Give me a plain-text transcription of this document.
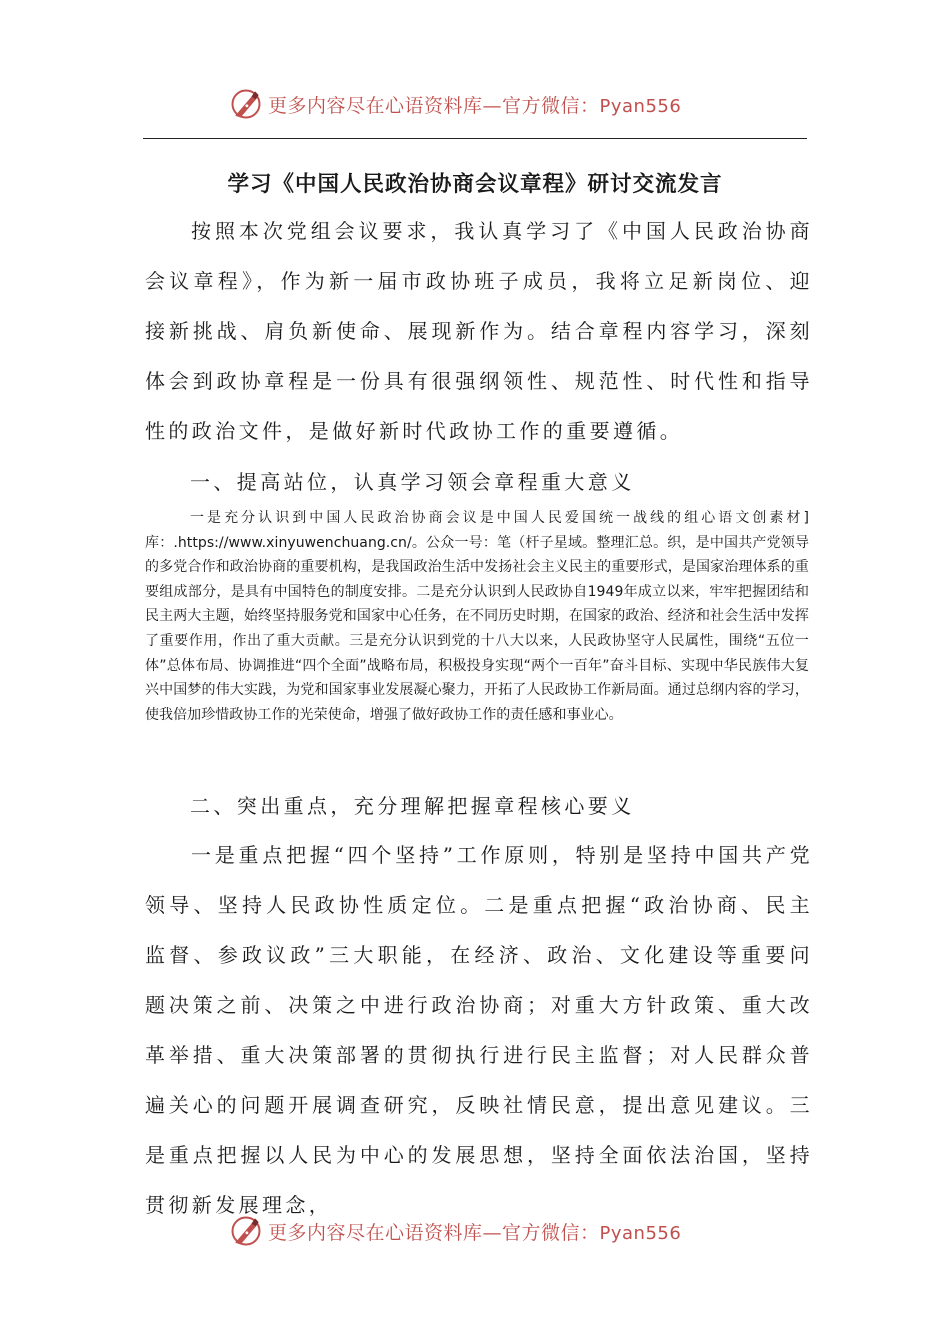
更多内容尽在心语资料库—官方微信：Pyan556
学习《中国人民政治协商会议章程》研讨交流发言
按照本次党组会议要求，我认真学习了《中国人民政治协商会议章程》，作为新一届市政协班子成员，我将立足新岗位、迎接新挑战、肩负新使命、展现新作为。结合章程内容学习，深刻体会到政协章程是一份具有很强纲领性、规范性、时代性和指导性的政治文件，是做好新时代政协工作的重要遵循。
一、提高站位，认真学习领会章程重大意义
一是充分认识到中国人民政治协商会议是中国人民爱国统一战线的组心语文创素材]库：.https://www.xinyuwenchuang.cn/。公众一号：笔（杆子星域。整理汇总。织，是中国共产党领导的多党合作和政治协商的重要机构，是我国政治生活中发扬社会主义民主的重要形式，是国家治理体系的重要组成部分，是具有中国特色的制度安排。二是充分认识到人民政协自1949年成立以来，牢牢把握团结和民主两大主题，始终坚持服务党和国家中心任务，在不同历史时期，在国家的政治、经济和社会生活中发挥了重要作用，作出了重大贡献。三是充分认识到党的十八大以来，人民政协坚守人民属性，围绕“五位一体”总体布局、协调推进“四个全面”战略布局，积极投身实现“两个一百年”奋斗目标、实现中华民族伟大复兴中国梦的伟大实践，为党和国家事业发展凝心聚力，开拓了人民政协工作新局面。通过总纲内容的学习，使我倍加珍惜政协工作的光荣使命，增强了做好政协工作的责任感和事业心。
二、突出重点，充分理解把握章程核心要义
一是重点把握“四个坚持”工作原则，特别是坚持中国共产党领导、坚持人民政协性质定位。二是重点把握“政治协商、民主监督、参政议政”三大职能，在经济、政治、文化建设等重要问题决策之前、决策之中进行政治协商；对重大方针政策、重大改革举措、重大决策部署的贯彻执行进行民主监督；对人民群众普遍关心的问题开展调查研究，反映社情民意，提出意见建议。三是重点把握以人民为中心的发展思想，坚持全面依法治国，坚持贯彻新发展理念，
更多内容尽在心语资料库—官方微信：Pyan556
